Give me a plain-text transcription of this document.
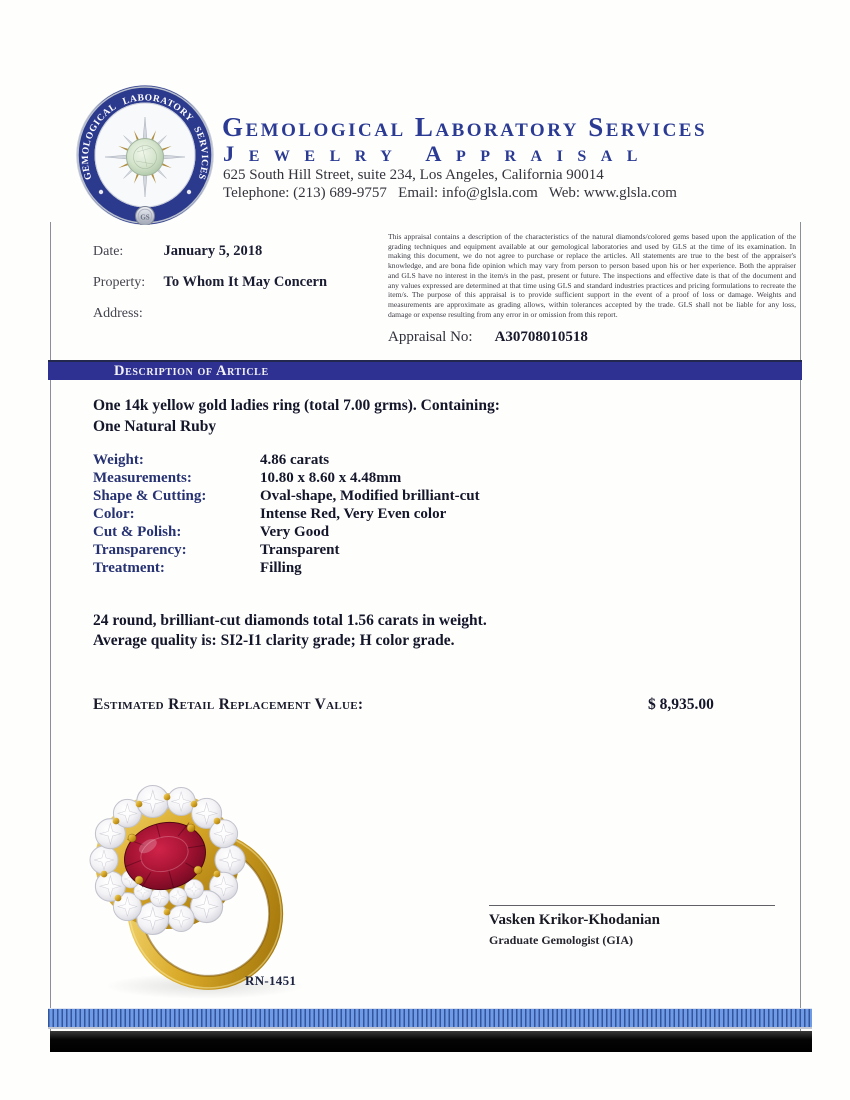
GEMOLOGICAL LABORATORY SERVICES
GS
Gemological Laboratory Services
Jewelry Appraisal
625 South Hill Street, suite 234, Los Angeles, California 90014
Telephone: (213) 689-9757   Email: info@glsla.com   Web: www.glsla.com
Date:	January 5, 2018
Property: To Whom It May Concern
Address:
This appraisal contains a description of the characteristics of the natural diamonds/colored gems based upon the application of the grading techniques and equipment available at our gemological laboratories and used by GLS at the time of its examination. In making this document, we do not agree to purchase or replace the articles. All statements are true to the best of the appraiser's knowledge, and are bona fide opinion which may vary from person to person based upon his or her experience. Both the appraiser and GLS have no interest in the item/s in the past, present or future. The inspections and effective date is that of the document and any values expressed are determined at that time using GLS and standard industries practices and pricing formulations to recreate the item/s. The purpose of this appraisal is to provide sufficient support in the event of a proof of loss or damage. Weights and measurements are approximate as grading allows, within tolerances accepted by the trade. GLS shall not be liable for any loss, damage or expense resulting from any error in or omission from this report.
Appraisal No: A30708010518
Description of Article
One 14k yellow gold ladies ring (total 7.00 grms). Containing:
One Natural Ruby
Weight:	4.86 carats
Measurements:	10.80 x 8.60 x 4.48mm
Shape & Cutting:	Oval-shape, Modified brilliant-cut
Color:	Intense Red, Very Even color
Cut & Polish:	Very Good
Transparency:	Transparent
Treatment:	Filling
24 round, brilliant-cut diamonds total 1.56 carats in weight.
Average quality is: SI2-I1 clarity grade; H color grade.
Estimated Retail Replacement Value:	$ 8,935.00
RN-1451
Vasken Krikor-Khodanian
Graduate Gemologist (GIA)
